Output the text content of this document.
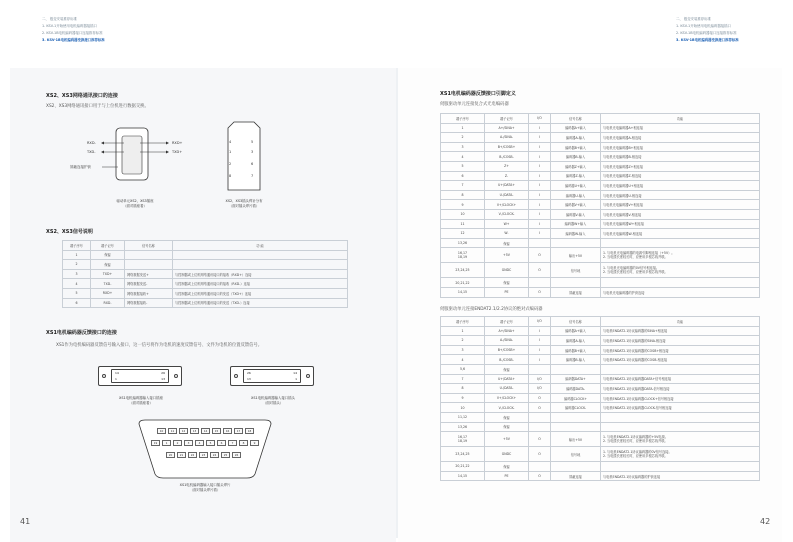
二、 极变安装推荐标准
1. KSV-1开始使用电机编码器接插口
2. KSV-1B电机编码器接口连接推荐标准
3. KSV-1B电机编码器变换接口推荐标准
二、 极变安装推荐标准
1. KSV-1开始使用电机编码器接插口
2. KSV-1B电机编码器接口连接推荐标准
3. KSV-1B电机编码器变换接口推荐标准
XS2、XS3网络通讯接口的连接
XS2、XS3网络通讯接口用于与上位机进行数据交换。
RXD-
TXD-
RXD+
TXD+
屏蔽连接护套
驱动单元XS2、XS3插座
（面对插座看）
4	5
1	3
2	6
8	7
XS2、XS3插头焊针分布
（面对插头焊片看）
XS2、XS3信号说明
端子序号	端子记号	信号名称	功 能
1	保留		
2	保留		
3	TXD+	网络数据发送+	与控制器或上位机网络通讯接口的接收（RXD+）连接
4	TXD-	网络数据发送-	与控制器或上位机网络通讯接口的接收（RXD-）连接
5	RXD+	网络数据接收+	与控制器或上位机网络通讯接口的发送（TXD+）连接
6	RXD-	网络数据接收-	与控制器或上位机网络通讯接口的发送（TXD-）连接
XS1电机编码器反馈接口的连接
XS1作为电机编码器反馈信号输入接口，这一信号将作为电机的速度反馈信号、文件为电机的位置反馈信号。
14	26
1	13
XS1电机编码器输入接口插座
（面对插座看）
26	14
13	1
XS1电机编码器输入接口插头
（面对插头）
10	11	12	13	14	15	16	17	18
19	1	2	3	4	5	6	7	8	9
20	21	22	23	24	25	26
XS1电机编码器输入接口插头焊片
（面对插头焊片看）
41
XS1电机编码器反馈接口引脚定义
伺服驱动单元连接复合式光电编码器
端子序号	端子记号	I/O	信号名称	功能
1	A+/SINA+	I	编码器A+输入	与电机光电编码器A+相连接
2	A-/SINA-	I	编码器A-输入	与电机光电编码器A-相连接
3	B+/COSB+	I	编码器B+输入	与电机光电编码器B+相连接
4	B-/COSB-	I	编码器B-输入	与电机光电编码器B-相连接
5	Z+	I	编码器Z+输入	与电机光电编码器Z+相连接
6	Z-	I	编码器Z-输入	与电机光电编码器Z-相连接
7	U+/DATA+	I	编码器U+输入	与电机光电编码器U+相连接
8	U-/DATA-	I	编码器U-输入	与电机光电编码器U-相连接
9	V+/CLOCK+	I	编码器V+输入	与电机光电编码器V+相连接
10	V-/CLOCK-	I	编码器V-输入	与电机光电编码器V-相连接
11	W+	I	编码器W+输入	与电机光电编码器W+相连接
12	W-	I	编码器W-输入	与电机光电编码器W-相连接
13,26	保留			
16,17
18,19	+5V	O	输出+5V	1. 与电机光电编码器的电源引脚相连接（+5V）。
2. 当电缆长度较长时，应使用多根芯线并联。
23,24,25	GNDC	O	信号地	1. 与电机光电编码器的0V信号相连接。
2. 当电缆长度较长时，应使用多根芯线并联。
20,21,22	保留			
14,15	PE	O	屏蔽连接	与电机光电编码器的护套连接
伺服驱动单元连接ENDAT2.1/2.2协议的绝对式编码器
端子序号	端子记号	I/O	信号名称	功能
1	A+/SINA+	I	编码器A+输入	与电机ENDAT2.1协议编码器的SINA+相连接
2	A-/SINA-	I	编码器A-输入	与电机ENDAT2.1协议编码器的SINA-相连接
3	B+/COSB+	I	编码器B+输入	与电机ENDAT2.1协议编码器的COSB+相连接
4	B-/COSB-	I	编码器B-输入	与电机ENDAT2.1协议编码器的COSB-相连接
5,6	保留			
7	U+/DATA+	I/O	编码器DATA+	与电机ENDAT2.1协议编码器DATA+信号相连接
8	U-/DATA-	I/O	编码器DATA-	与电机ENDAT2.1协议编码器DATA-信号相连接
9	V+/CLOCK+	O	编码器CLOCK+	与电机ENDAT2.1协议编码器CLOCK+信号相连接
10	V-/CLOCK-	O	编码器CLOCK-	与电机ENDAT2.1协议编码器CLOCK-信号相连接
11,12	保留			
13,26	保留			
16,17
18,19	+5V	O	输出+5V	1. 与电机ENDAT2.1协议编码器的+5V电源。
2. 当电缆长度较长时，应使用多根芯线并联。
23,24,25	GNDC	O	信号地	1. 与电机ENDAT2.1协议编码器的0V信号连接。
2. 当电缆长度较长时，应使用多根芯线并联。
20,21,22	保留			
14,15	PE	O	屏蔽连接	与电机ENDAT2.1协议编码器的护套连接
42
